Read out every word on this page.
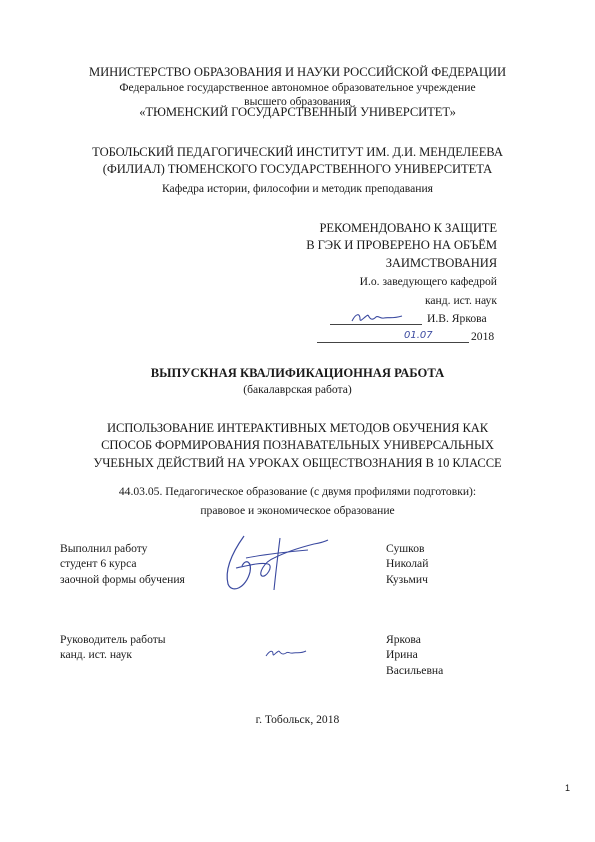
МИНИСТЕРСТВО ОБРАЗОВАНИЯ И НАУКИ РОССИЙСКОЙ ФЕДЕРАЦИИ
Федеральное государственное автономное образовательное учреждение
высшего образования
«ТЮМЕНСКИЙ ГОСУДАРСТВЕННЫЙ УНИВЕРСИТЕТ»
ТОБОЛЬСКИЙ ПЕДАГОГИЧЕСКИЙ ИНСТИТУТ ИМ. Д.И. МЕНДЕЛЕЕВА
(ФИЛИАЛ) ТЮМЕНСКОГО ГОСУДАРСТВЕННОГО УНИВЕРСИТЕТА
Кафедра истории, философии и методик преподавания
РЕКОМЕНДОВАНО К ЗАЩИТЕ
В ГЭК И ПРОВЕРЕНО НА ОБЪЁМ
ЗАИМСТВОВАНИЯ
И.о. заведующего кафедрой
канд. ист. наук
И.В. Яркова
01.07	2018
ВЫПУСКНАЯ КВАЛИФИКАЦИОННАЯ РАБОТА
(бакалаврская работа)
ИСПОЛЬЗОВАНИЕ ИНТЕРАКТИВНЫХ МЕТОДОВ ОБУЧЕНИЯ КАК
СПОСОБ ФОРМИРОВАНИЯ ПОЗНАВАТЕЛЬНЫХ УНИВЕРСАЛЬНЫХ
УЧЕБНЫХ ДЕЙСТВИЙ НА УРОКАХ ОБЩЕСТВОЗНАНИЯ В 10 КЛАССЕ
44.03.05. Педагогическое образование (с двумя профилями подготовки):
правовое и экономическое образование
Выполнил работу
студент 6 курса
заочной формы обучения
Сушков
Николай
Кузьмич
Руководитель работы
канд. ист. наук
Яркова
Ирина
Васильевна
г. Тобольск, 2018
1
